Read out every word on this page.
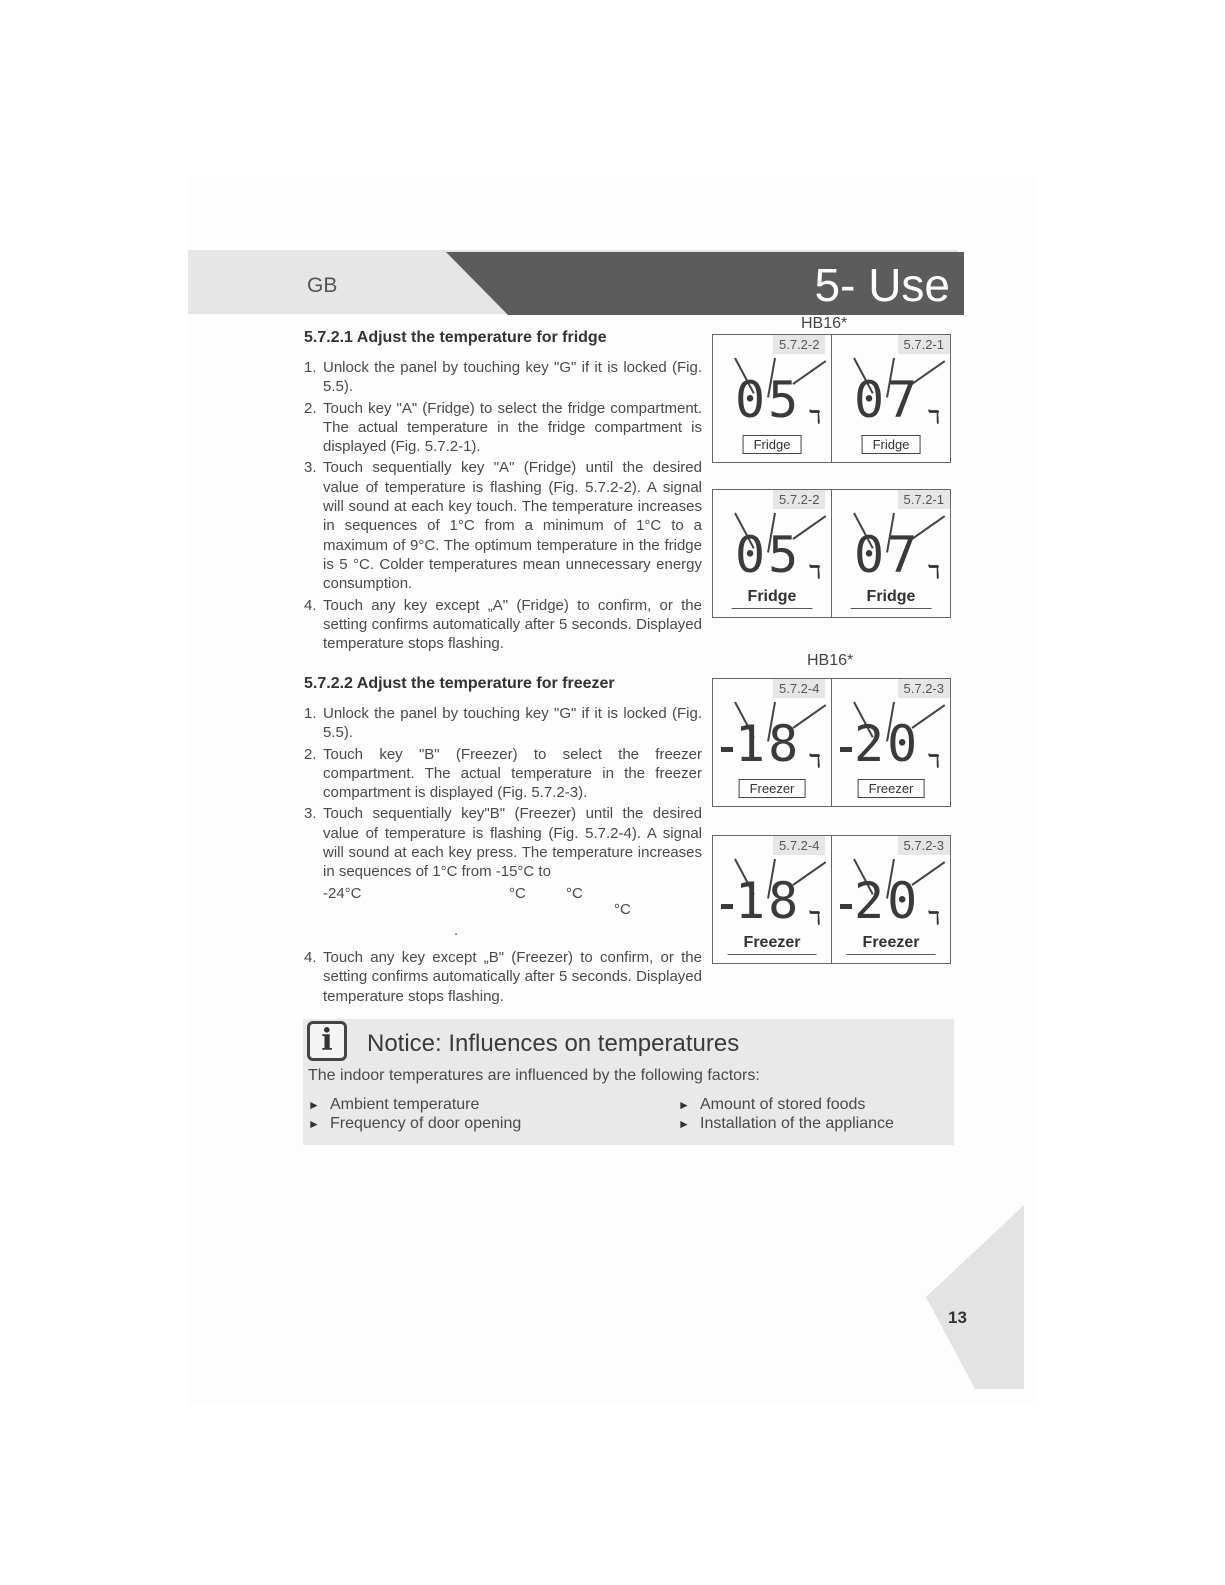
GB	5- Use
5.7.2.1 Adjust the temperature for fridge
1. Unlock the panel by touching key "G" if it is locked (Fig. 5.5).
2. Touch key "A" (Fridge) to select the fridge compartment. The actual temperature in the fridge compartment is displayed (Fig. 5.7.2-1).
3. Touch sequentially key "A" (Fridge) until the desired value of temperature is flashing (Fig. 5.7.2-2). A signal will sound at each key touch. The temperature increases in sequences of 1°C from a minimum of 1°C to a maximum of 9°C. The optimum temperature in the fridge is 5 °C. Colder temperatures mean unnecessary energy consumption.
4. Touch any key except „A" (Fridge) to confirm, or the setting confirms automatically after 5 seconds. Displayed temperature stops flashing.
5.7.2.2 Adjust the temperature for freezer
1. Unlock the panel by touching key "G" if it is locked (Fig. 5.5).
2. Touch key "B" (Freezer) to select the freezer compartment. The actual temperature in the freezer compartment is displayed (Fig. 5.7.2-3).
3. Touch sequentially key"B" (Freezer) until the desired value of temperature is flashing (Fig. 5.7.2-4). A signal will sound at each key press. The temperature increases in sequences of 1°C from -15°C to
-24°C	°C	°C
°C
.
4. Touch any key except „B" (Freezer) to confirm, or the setting confirms automatically after 5 seconds. Displayed temperature stops flashing.
HB16*
5.7.2-2
05 ℸ
Fridge
5.7.2-1
07 ℸ
Fridge
5.7.2-2
05 ℸ
Fridge
5.7.2-1
07 ℸ
Fridge
HB16*
5.7.2-4
18 ℸ
Freezer
5.7.2-3
20 ℸ
Freezer
5.7.2-4
18 ℸ
Freezer
5.7.2-3
20 ℸ
Freezer
i	Notice: Influences on temperatures
The indoor temperatures are influenced by the following factors:
► Ambient temperature
► Frequency of door opening
► Amount of stored foods
► Installation of the appliance
13
